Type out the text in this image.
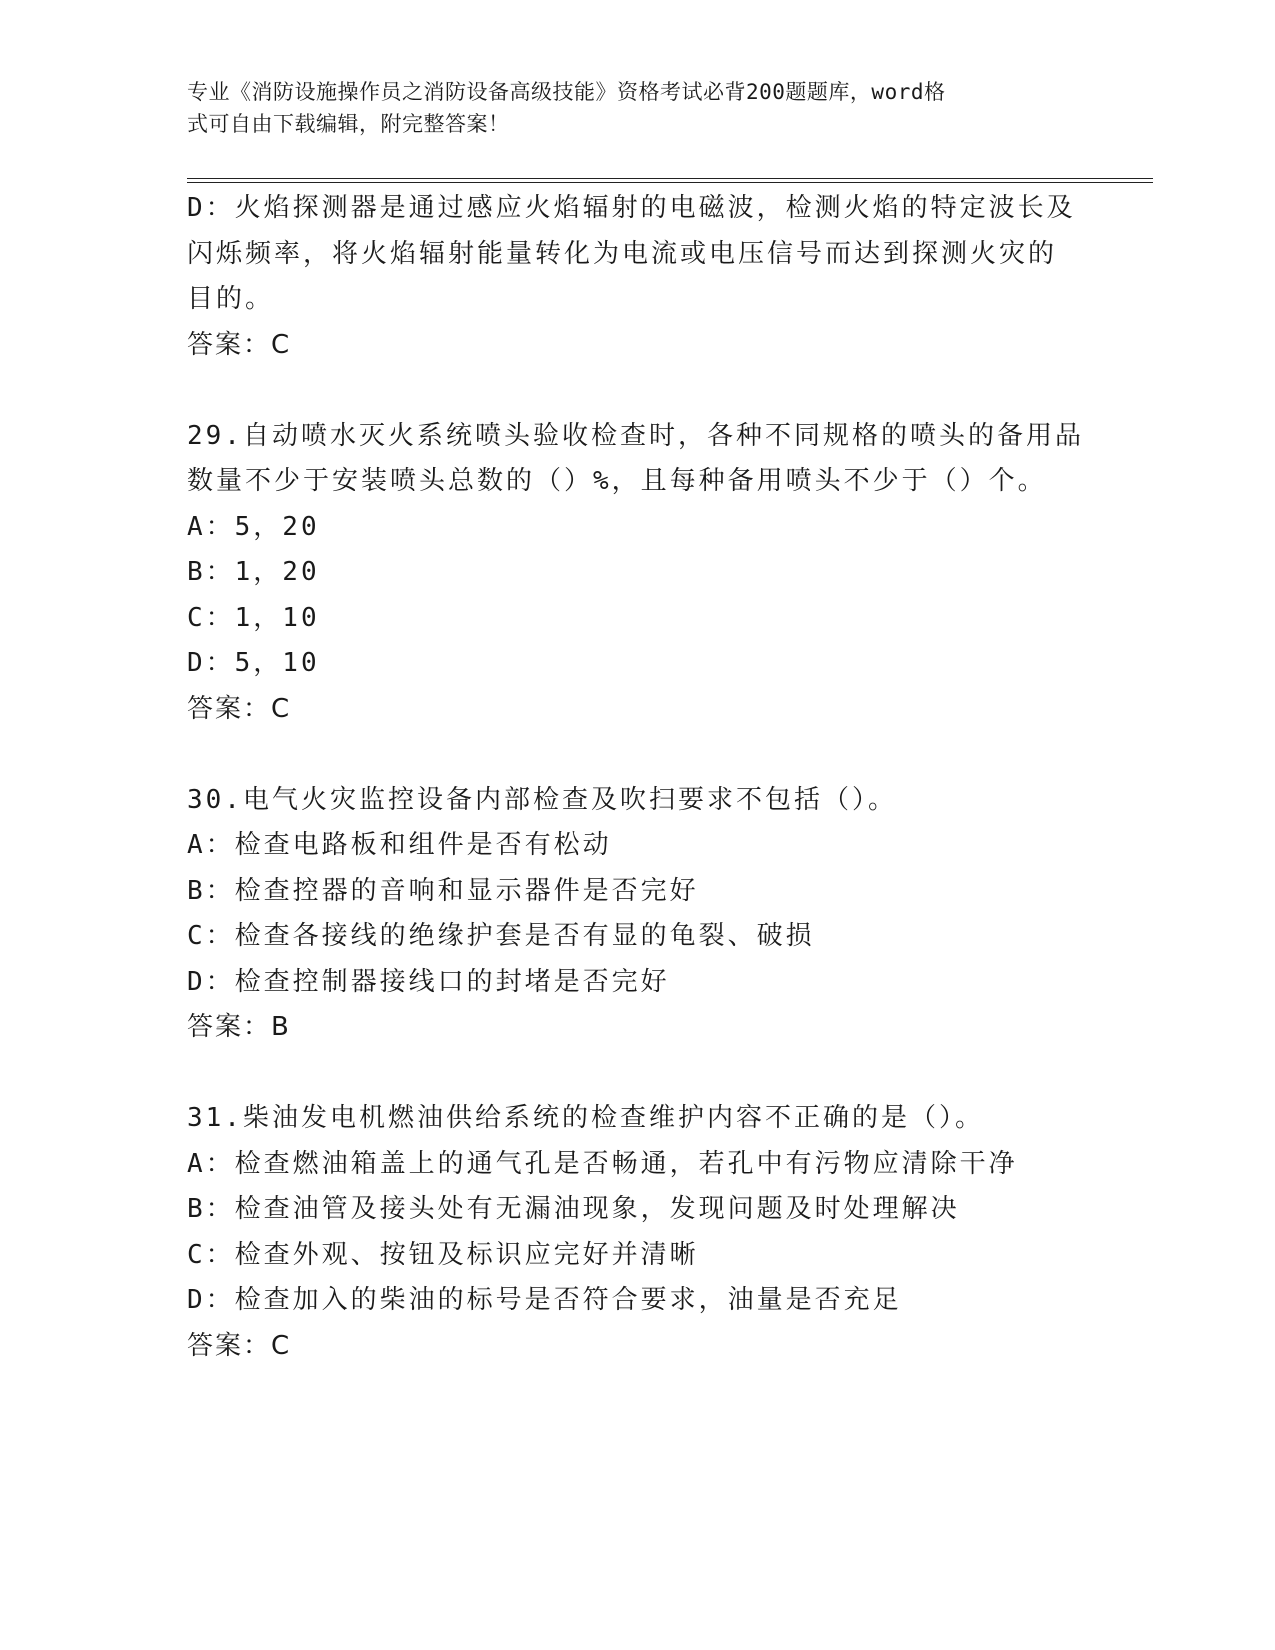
专业《消防设施操作员之消防设备高级技能》资格考试必背200题题库，word格
式可自由下载编辑，附完整答案！
D：火焰探测器是通过感应火焰辐射的电磁波，检测火焰的特定波长及
闪烁频率，将火焰辐射能量转化为电流或电压信号而达到探测火灾的
目的。
答案：C
29.自动喷水灭火系统喷头验收检查时，各种不同规格的喷头的备用品
数量不少于安装喷头总数的（）%，且每种备用喷头不少于（）个。
A：5，20
B：1，20
C：1，10
D：5，10
答案：C
30.电气火灾监控设备内部检查及吹扫要求不包括（）。
A：检查电路板和组件是否有松动
B：检查控器的音响和显示器件是否完好
C：检查各接线的绝缘护套是否有显的龟裂、破损
D：检查控制器接线口的封堵是否完好
答案：B
31.柴油发电机燃油供给系统的检查维护内容不正确的是（）。
A：检查燃油箱盖上的通气孔是否畅通，若孔中有污物应清除干净
B：检查油管及接头处有无漏油现象，发现问题及时处理解决
C：检查外观、按钮及标识应完好并清晰
D：检查加入的柴油的标号是否符合要求，油量是否充足
答案：C
